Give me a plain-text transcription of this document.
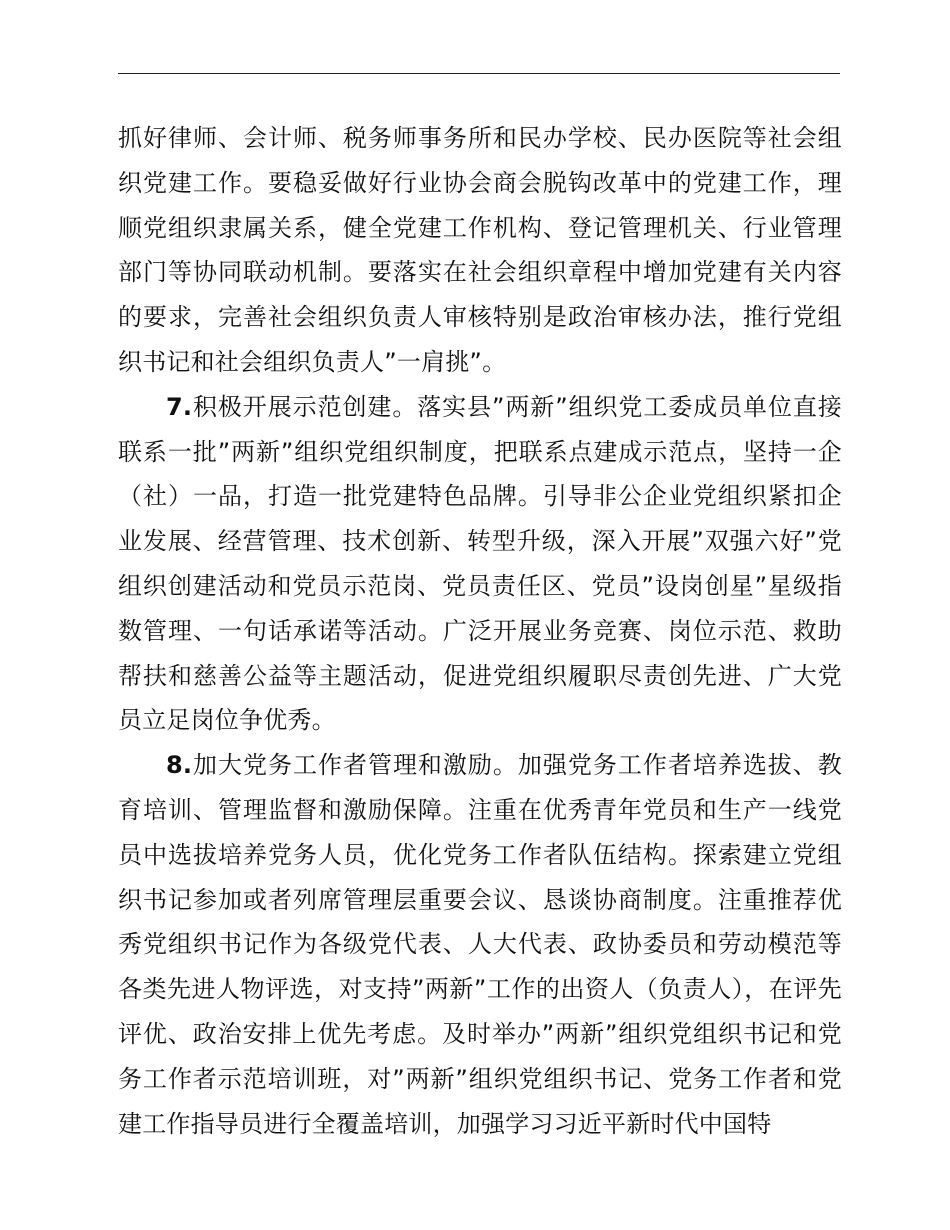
抓好律师、会计师、税务师事务所和民办学校、民办医院等社会组织党建工作。要稳妥做好行业协会商会脱钩改革中的党建工作，理顺党组织隶属关系，健全党建工作机构、登记管理机关、行业管理部门等协同联动机制。要落实在社会组织章程中增加党建有关内容的要求，完善社会组织负责人审核特别是政治审核办法，推行党组织书记和社会组织负责人”一肩挑”。

7.积极开展示范创建。落实县”两新”组织党工委成员单位直接联系一批”两新”组织党组织制度，把联系点建成示范点，坚持一企（社）一品，打造一批党建特色品牌。引导非公企业党组织紧扣企业发展、经营管理、技术创新、转型升级，深入开展”双强六好”党组织创建活动和党员示范岗、党员责任区、党员”设岗创星”星级指数管理、一句话承诺等活动。广泛开展业务竞赛、岗位示范、救助帮扶和慈善公益等主题活动，促进党组织履职尽责创先进、广大党员立足岗位争优秀。

8.加大党务工作者管理和激励。加强党务工作者培养选拔、教育培训、管理监督和激励保障。注重在优秀青年党员和生产一线党员中选拔培养党务人员，优化党务工作者队伍结构。探索建立党组织书记参加或者列席管理层重要会议、恳谈协商制度。注重推荐优秀党组织书记作为各级党代表、人大代表、政协委员和劳动模范等各类先进人物评选，对支持”两新”工作的出资人（负责人），在评先评优、政治安排上优先考虑。及时举办”两新”组织党组织书记和党务工作者示范培训班，对”两新”组织党组织书记、党务工作者和党建工作指导员进行全覆盖培训，加强学习习近平新时代中国特
